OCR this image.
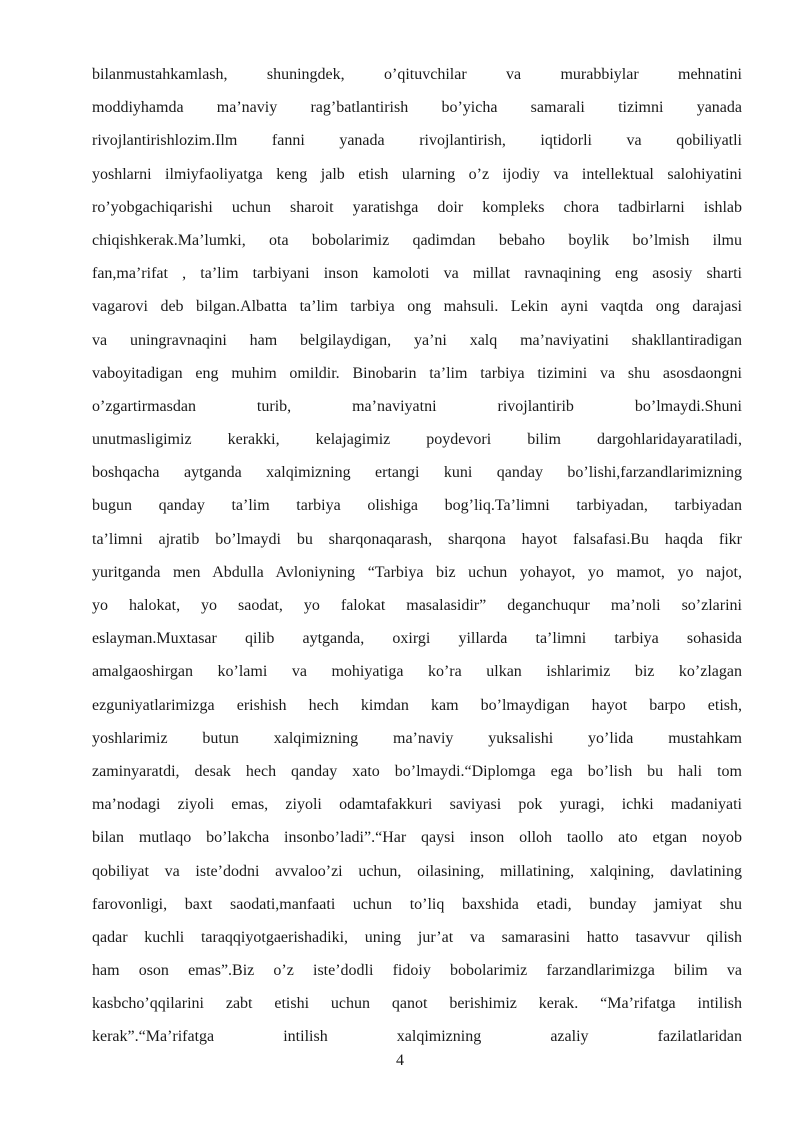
bilanmustahkamlash, shuningdek, o’qituvchilar va murabbiylar mehnatini
moddiyhamda ma’naviy rag’batlantirish bo’yicha samarali tizimni yanada
rivojlantirishlozim.Ilm fanni yanada rivojlantirish, iqtidorli va qobiliyatli
yoshlarni ilmiyfaoliyatga keng jalb etish ularning o’z ijodiy va intellektual salohiyatini
ro’yobgachiqarishi uchun sharoit yaratishga doir kompleks chora tadbirlarni ishlab
chiqishkerak.Ma’lumki, ota bobolarimiz qadimdan bebaho boylik bo’lmish ilmu
fan,ma’rifat , ta’lim tarbiyani inson kamoloti va millat ravnaqining eng asosiy sharti
vagarovi deb bilgan.Albatta ta’lim tarbiya ong mahsuli. Lekin ayni vaqtda ong darajasi
va uningravnaqini ham belgilaydigan, ya’ni xalq ma’naviyatini shakllantiradigan
vaboyitadigan eng muhim omildir. Binobarin ta’lim tarbiya tizimini va shu asosdaongni
o’zgartirmasdan turib, ma’naviyatni rivojlantirib bo’lmaydi.Shuni
unutmasligimiz kerakki, kelajagimiz poydevori bilim dargohlaridayaratiladi,
boshqacha aytganda xalqimizning ertangi kuni qanday bo’lishi,farzandlarimizning
bugun qanday ta’lim tarbiya olishiga bog’liq.Ta’limni tarbiyadan, tarbiyadan
ta’limni ajratib bo’lmaydi bu sharqonaqarash, sharqona hayot falsafasi.Bu haqda fikr
yuritganda men Abdulla Avloniyning “Tarbiya biz uchun yohayot, yo mamot, yo najot,
yo halokat, yo saodat, yo falokat masalasidir” deganchuqur ma’noli so’zlarini
eslayman.Muxtasar qilib aytganda, oxirgi yillarda ta’limni tarbiya sohasida
amalgaoshirgan ko’lami va mohiyatiga ko’ra ulkan ishlarimiz biz ko’zlagan
ezguniyatlarimizga erishish hech kimdan kam bo’lmaydigan hayot barpo etish,
yoshlarimiz butun xalqimizning ma’naviy yuksalishi yo’lida mustahkam
zaminyaratdi, desak hech qanday xato bo’lmaydi.“Diplomga ega bo’lish bu hali tom
ma’nodagi ziyoli emas, ziyoli odamtafakkuri saviyasi pok yuragi, ichki madaniyati
bilan mutlaqo bo’lakcha insonbo’ladi”.“Har qaysi inson olloh taollo ato etgan noyob
qobiliyat va iste’dodni avvaloo’zi uchun, oilasining, millatining, xalqining, davlatining
farovonligi, baxt saodati,manfaati uchun to’liq baxshida etadi, bunday jamiyat shu
qadar kuchli taraqqiyotgaerishadiki, uning jur’at va samarasini hatto tasavvur qilish
ham oson emas”.Biz o’z iste’dodli fidoiy bobolarimiz farzandlarimizga bilim va
kasbcho’qqilarini zabt etishi uchun qanot berishimiz kerak. “Ma’rifatga intilish
kerak”.“Ma’rifatga intilish xalqimizning azaliy fazilatlaridan
4
